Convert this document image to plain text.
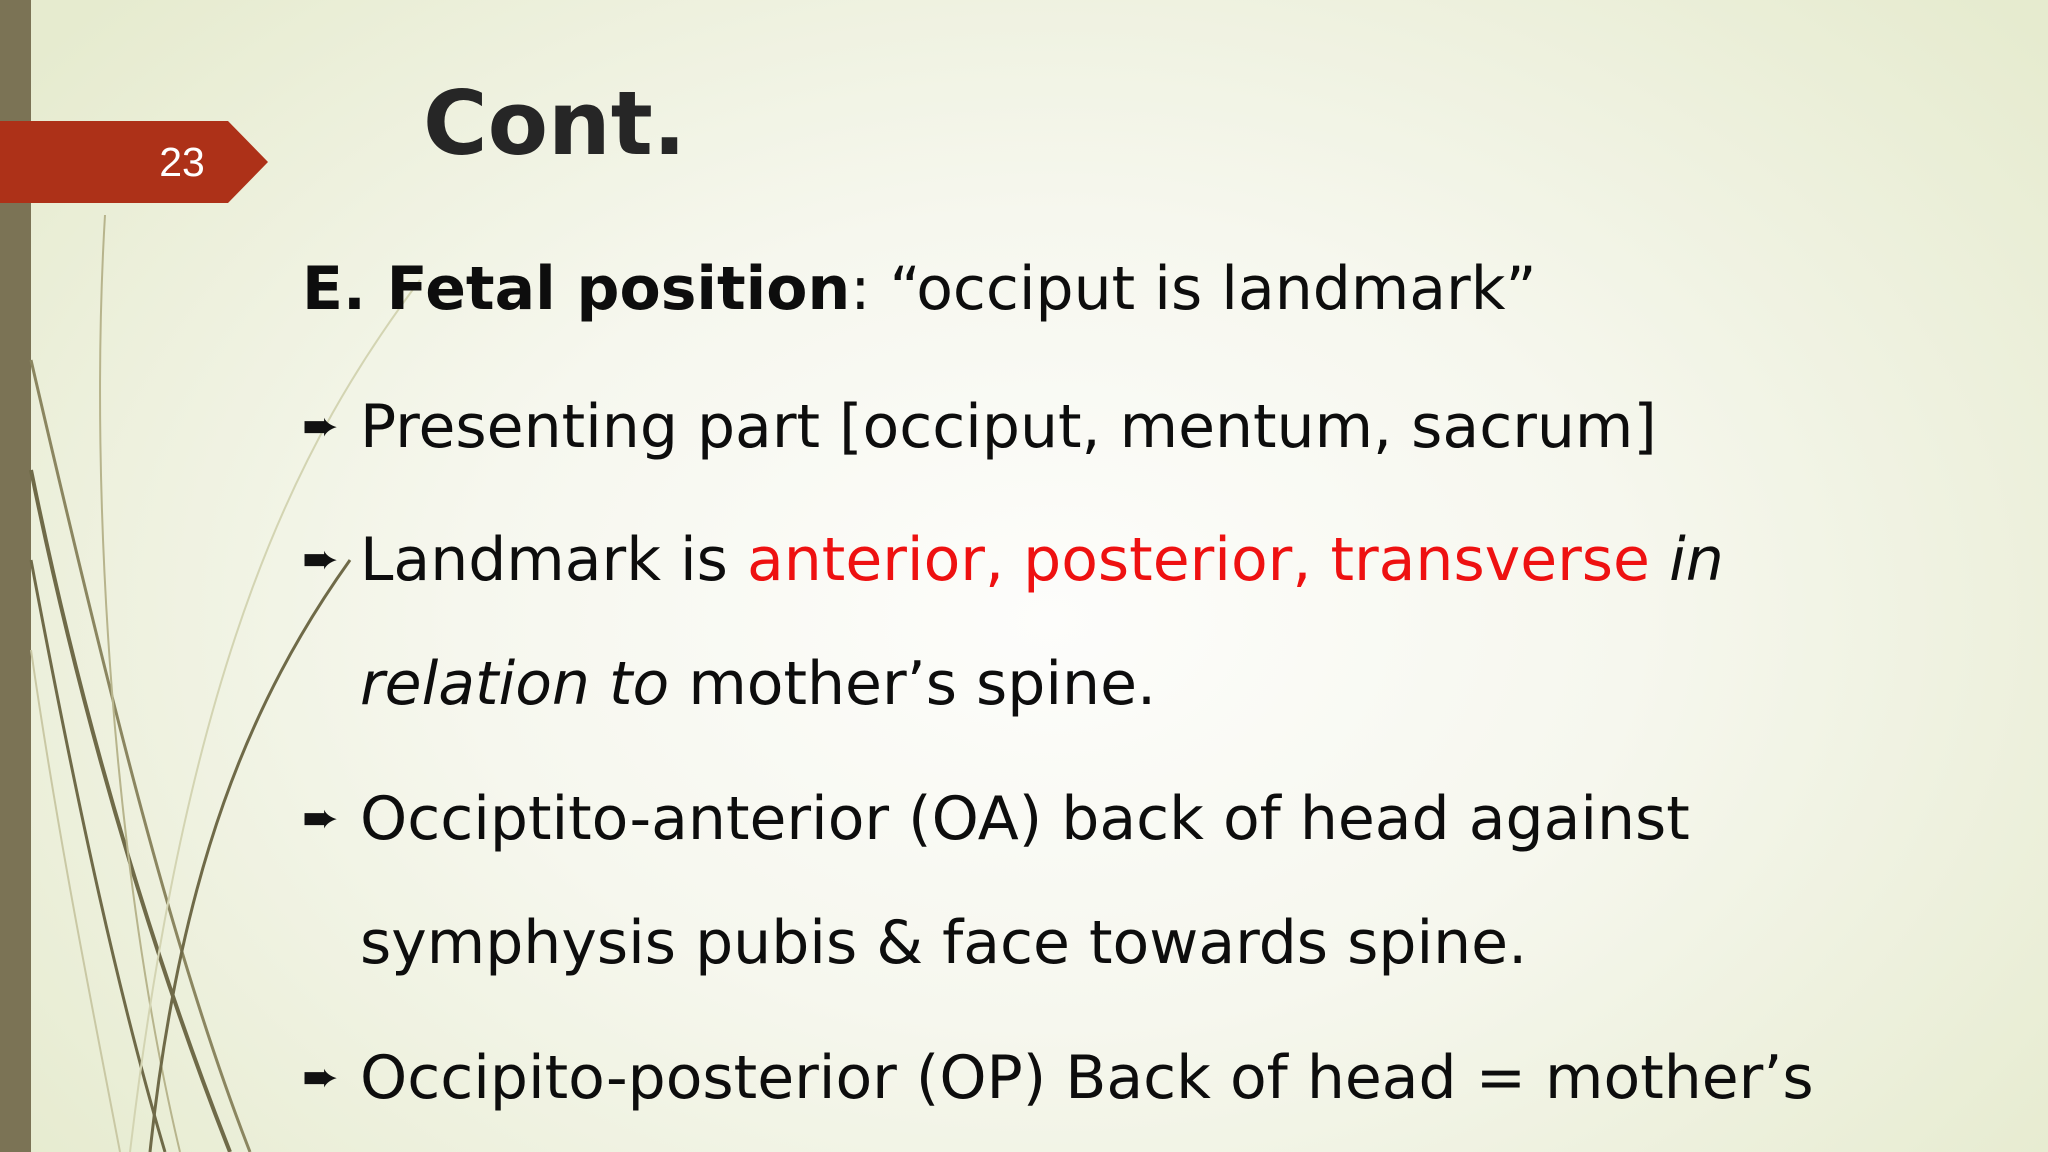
23 Cont.
E. Fetal position: “occiput is landmark”
➨ Presenting part [occiput, mentum, sacrum]
➨ Landmark is anterior, posterior, transverse in
relation to mother’s spine.
➨ Occiptito-anterior (OA) back of head against
symphysis pubis & face towards spine.
➨ Occipito-posterior (OP) Back of head = mother’s
